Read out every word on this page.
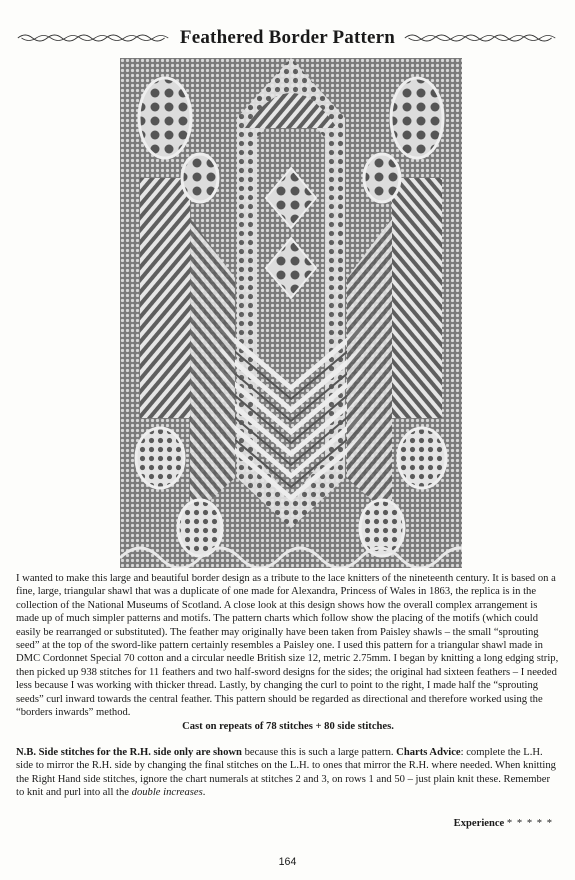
Feathered Border Pattern

I wanted to make this large and beautiful border design as a tribute to the lace knitters of the nineteenth century. It is based on a fine, large, triangular shawl that was a duplicate of one made for Alexandra, Princess of Wales in 1863, the replica is in the collection of the National Museums of Scotland. A close look at this design shows how the overall complex arrangement is made up of much simpler patterns and motifs. The pattern charts which follow show the placing of the motifs (which could easily be rearranged or substituted). The feather may originally have been taken from Paisley shawls – the small “sprouting seed” at the top of the sword-like pattern certainly resembles a Paisley one. I used this pattern for a triangular shawl made in DMC Cordonnet Special 70 cotton and a circular needle British size 12, metric 2.75mm. I began by knitting a long edging strip, then picked up 938 stitches for 11 feathers and two half-sword designs for the sides; the original had sixteen feathers – I needed less because I was working with thicker thread. Lastly, by changing the curl to point to the right, I made half the “sprouting seeds” curl inward towards the central feather. This pattern should be regarded as directional and therefore worked using the “borders inwards” method.

Cast on repeats of 78 stitches + 80 side stitches.

N.B. Side stitches for the R.H. side only are shown because this is such a large pattern. Charts Advice: complete the L.H. side to mirror the R.H. side by changing the final stitches on the L.H. to ones that mirror the R.H. where needed. When knitting the Right Hand side stitches, ignore the chart numerals at stitches 2 and 3, on rows 1 and 50 – just plain knit these. Remember to knit and purl into all the double increases.

Experience * * * * *
164
